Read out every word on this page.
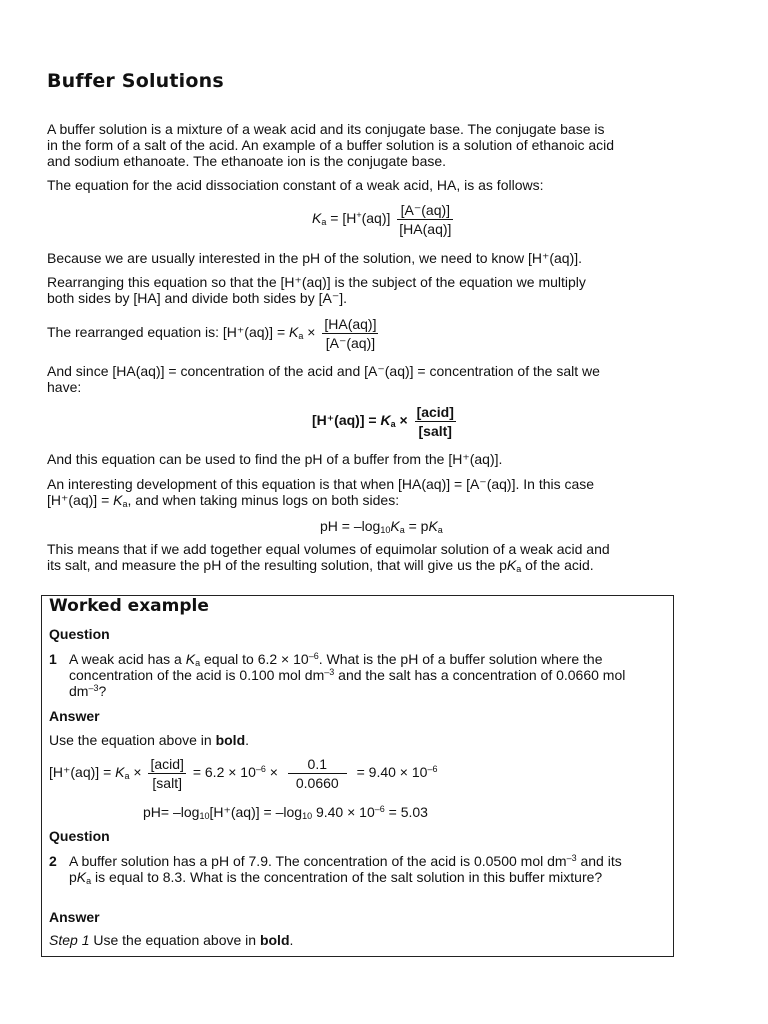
Buffer Solutions

A buffer solution is a mixture of a weak acid and its conjugate base. The conjugate base is in the form of a salt of the acid. An example of a buffer solution is a solution of ethanoic acid and sodium ethanoate. The ethanoate ion is the conjugate base.

The equation for the acid dissociation constant of a weak acid, HA, is as follows:

$K_a = [H^+(aq)] \frac{[A^-(aq)]}{[HA(aq)]}$

Because we are usually interested in the pH of the solution, we need to know [H⁺(aq)].

Rearranging this equation so that the [H⁺(aq)] is the subject of the equation we multiply both sides by [HA] and divide both sides by [A⁻].

The rearranged equation is: $[H^+(aq)] = K_a \times \frac{[HA(aq)]}{[A^-(aq)]}$

And since [HA(aq)] = concentration of the acid and [A⁻(aq)] = concentration of the salt we have:

$[H^+(aq)] = K_a \times \frac{\text{[acid]}}{\text{[salt]}}$

And this equation can be used to find the pH of a buffer from the [H⁺(aq)].

An interesting development of this equation is that when [HA(aq)] = [A⁻(aq)]. In this case $[H^+(aq)] = K_a$, and when taking minus logs on both sides:

pH = $-\log_{10}K_a = pK_a$

This means that if we add together equal volumes of equimolar solution of a weak acid and its salt, and measure the pH of the resulting solution, that will give us the $pK_a$ of the acid.

Worked example
Question
1 A weak acid has a $K_a$ equal to $6.2 \times 10^{-6}$. What is the pH of a buffer solution where the concentration of the acid is 0.100 mol $dm^{-3}$ and the salt has a concentration of 0.0660 mol $dm^{-3}$?
Answer
Use the equation above in bold.
$[H^+(aq)] = K_a \times \frac{\text{[acid]}}{\text{[salt]}} = 6.2 \times 10^{-6} \times \frac{0.1}{0.0660} = 9.40 \times 10^{-6}$
$pH= -\log_{10}[H^+(aq)] = -\log_{10}$ $9.40 \times 10^{-6} = 5.03$
Question
2 A buffer solution has a pH of 7.9. The concentration of the acid is 0.0500 mol $dm^{-3}$ and its $pK_a$ is equal to 8.3. What is the concentration of the salt solution in this buffer mixture?
Answer
Step 1 Use the equation above in bold.
